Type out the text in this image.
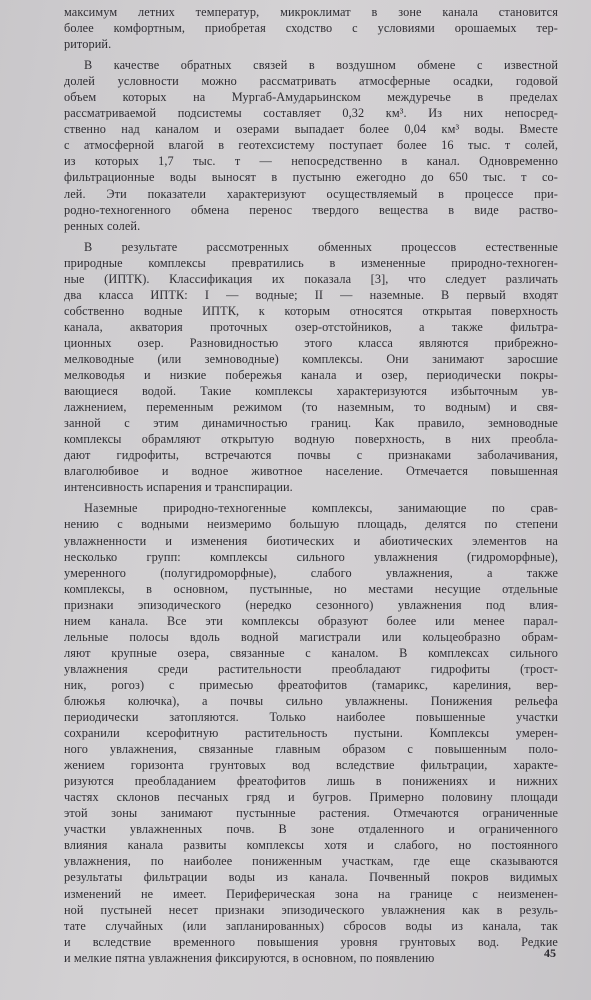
максимум летних температур, микроклимат в зоне канала становится
более комфортным, приобретая сходство с условиями орошаемых тер-
риторий.
В качестве обратных связей в воздушном обмене с известной
долей условности можно рассматривать атмосферные осадки, годовой
объем которых на Мургаб-Амударьинском междуречье в пределах
рассматриваемой подсистемы составляет 0,32 км³. Из них непосред-
ственно над каналом и озерами выпадает более 0,04 км³ воды. Вместе
с атмосферной влагой в геотехсистему поступает более 16 тыс. т солей,
из которых 1,7 тыс. т — непосредственно в канал. Одновременно
фильтрационные воды выносят в пустыню ежегодно до 650 тыс. т со-
лей. Эти показатели характеризуют осуществляемый в процессе при-
родно-техногенного обмена перенос твердого вещества в виде раство-
ренных солей.
В результате рассмотренных обменных процессов естественные
природные комплексы превратились в измененные природно-техноген-
ные (ИПТК). Классификация их показала [3], что следует различать
два класса ИПТК: I — водные; II — наземные. В первый входят
собственно водные ИПТК, к которым относятся открытая поверхность
канала, акватория проточных озер-отстойников, а также фильтра-
ционных озер. Разновидностью этого класса являются прибрежно-
мелководные (или земноводные) комплексы. Они занимают заросшие
мелководья и низкие побережья канала и озер, периодически покры-
вающиеся водой. Такие комплексы характеризуются избыточным ув-
лажнением, переменным режимом (то наземным, то водным) и свя-
занной с этим динамичностью границ. Как правило, земноводные
комплексы обрамляют открытую водную поверхность, в них преобла-
дают гидрофиты, встречаются почвы с признаками заболачивания,
влаголюбивое и водное животное население. Отмечается повышенная
интенсивность испарения и транспирации.
Наземные природно-техногенные комплексы, занимающие по срав-
нению с водными неизмеримо большую площадь, делятся по степени
увлажненности и изменения биотических и абиотических элементов на
несколько групп: комплексы сильного увлажнения (гидроморфные),
умеренного (полугидроморфные), слабого увлажнения, а также
комплексы, в основном, пустынные, но местами несущие отдельные
признаки эпизодического (нередко сезонного) увлажнения под влия-
нием канала. Все эти комплексы образуют более или менее парал-
лельные полосы вдоль водной магистрали или кольцеобразно обрам-
ляют крупные озера, связанные с каналом. В комплексах сильного
увлажнения среди растительности преобладают гидрофиты (трост-
ник, рогоз) с примесью фреатофитов (тамарикс, карелиния, вер-
блюжья колючка), а почвы сильно увлажнены. Понижения рельефа
периодически затопляются. Только наиболее повышенные участки
сохранили ксерофитную растительность пустыни. Комплексы умерен-
ного увлажнения, связанные главным образом с повышенным поло-
жением горизонта грунтовых вод вследствие фильтрации, характе-
ризуются преобладанием фреатофитов лишь в понижениях и нижних
частях склонов песчаных гряд и бугров. Примерно половину площади
этой зоны занимают пустынные растения. Отмечаются ограниченные
участки увлажненных почв. В зоне отдаленного и ограниченного
влияния канала развиты комплексы хотя и слабого, но постоянного
увлажнения, по наиболее пониженным участкам, где еще сказываются
результаты фильтрации воды из канала. Почвенный покров видимых
изменений не имеет. Периферическая зона на границе с неизменен-
ной пустыней несет признаки эпизодического увлажнения как в резуль-
тате случайных (или запланированных) сбросов воды из канала, так
и вследствие временного повышения уровня грунтовых вод. Редкие
и мелкие пятна увлажнения фиксируются, в основном, по появлению	45
